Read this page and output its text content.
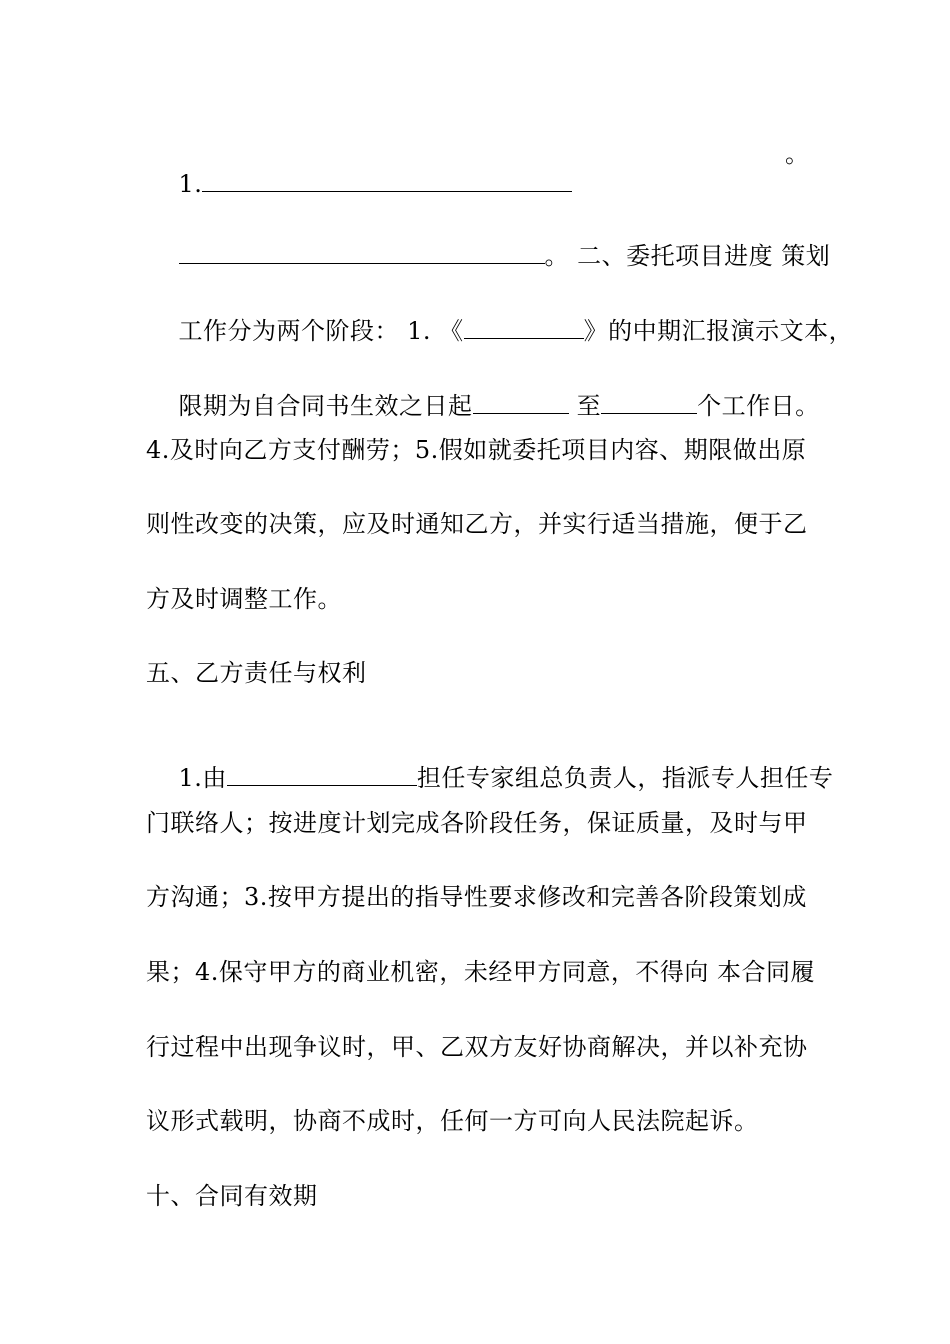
1.

。

。 二、委托项目进度 策划

工作分为两个阶段： 1. 《	》的中期汇报演示文本，

限期为自合同书生效之日起	至	个工作日。

4.及时向乙方支付酬劳；5.假如就委托项目内容、期限做出原
则性改变的决策，应及时通知乙方，并实行适当措施，便于乙
方及时调整工作。
五、乙方责任与权利

1.由	担任专家组总负责人，指派专人担任专

门联络人；按进度计划完成各阶段任务，保证质量，及时与甲
方沟通；3.按甲方提出的指导性要求修改和完善各阶段策划成
果；4.保守甲方的商业机密，未经甲方同意，不得向 本合同履
行过程中出现争议时，甲、乙双方友好协商解决，并以补充协
议形式载明，协商不成时，任何一方可向人民法院起诉。
十、合同有效期
